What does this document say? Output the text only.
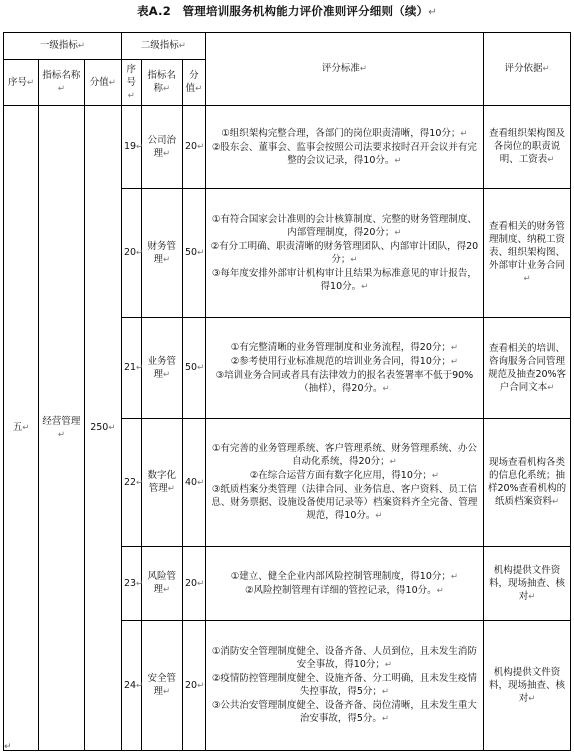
表A.2　管理培训服务机构能力评价准则评分细则（续）↵
一级指标↵			二级指标↵			评分标准↵	评分依据↵
序号↵	指标名称↵	分值↵	序号↵	指标名称↵	分值↵		
五↵	经营管理↵	250↵	19↵	公司治理↵	20↵	①组织架构完整合理，各部门的岗位职责清晰，得10分；↵
②股东会、董事会、监事会按照公司法要求按时召开会议并有完整的会议记录，得10分。↵	查看组织架构图及各岗位的职责说明、工资表↵
			20↵	财务管理↵	50↵	①有符合国家会计准则的会计核算制度、完整的财务管理制度、内部管理制度，得20分；↵
②有分工明确、职责清晰的财务管理团队、内部审计团队，得20分；↵
③每年度安排外部审计机构审计且结果为标准意见的审计报告，得10分。↵	查看相关的财务管理制度、纳税工资表、组织架构图、外部审计业务合同↵
			21↵	业务管理↵	50↵	①有完整清晰的业务管理制度和业务流程，得20分；↵
②参考使用行业标准规范的培训业务合同，得10分；↵
③培训业务合同或者具有法律效力的报名表签署率不低于90%（抽样），得20分。↵	查看相关的培训、咨询服务合同管理规范及抽查20%客户合同文本↵
			22↵	数字化管理↵	40↵	①有完善的业务管理系统、客户管理系统、财务管理系统、办公自动化系统，得20分；↵
②在综合运营方面有数字化应用，得10分；↵
③纸质档案分类管理（法律合同、业务信息、客户资料、员工信息、财务票据、设施设备使用记录等）档案资料齐全完备、管理规范，得10分。↵	现场查看机构各类的信息化系统；抽样20%查看机构的纸质档案资料↵
			23↵	风险管理↵	20↵	①建立、健全企业内部风险控制管理制度，得10分；↵
②风险控制管理有详细的管控记录，得10分。↵	机构提供文件资料，现场抽查、核对↵
			24↵	安全管理↵	20↵	①消防安全管理制度健全、设备齐备、人员到位，且未发生消防安全事故，得10分；↵
②疫情防控管理制度健全、设施齐备、分工明确，且未发生疫情失控事故，得5分；↵
③公共治安管理制度健全、设备齐备、岗位清晰，且未发生重大治安事故，得5分。↵	机构提供文件资料，现场抽查、核对↵
↵
